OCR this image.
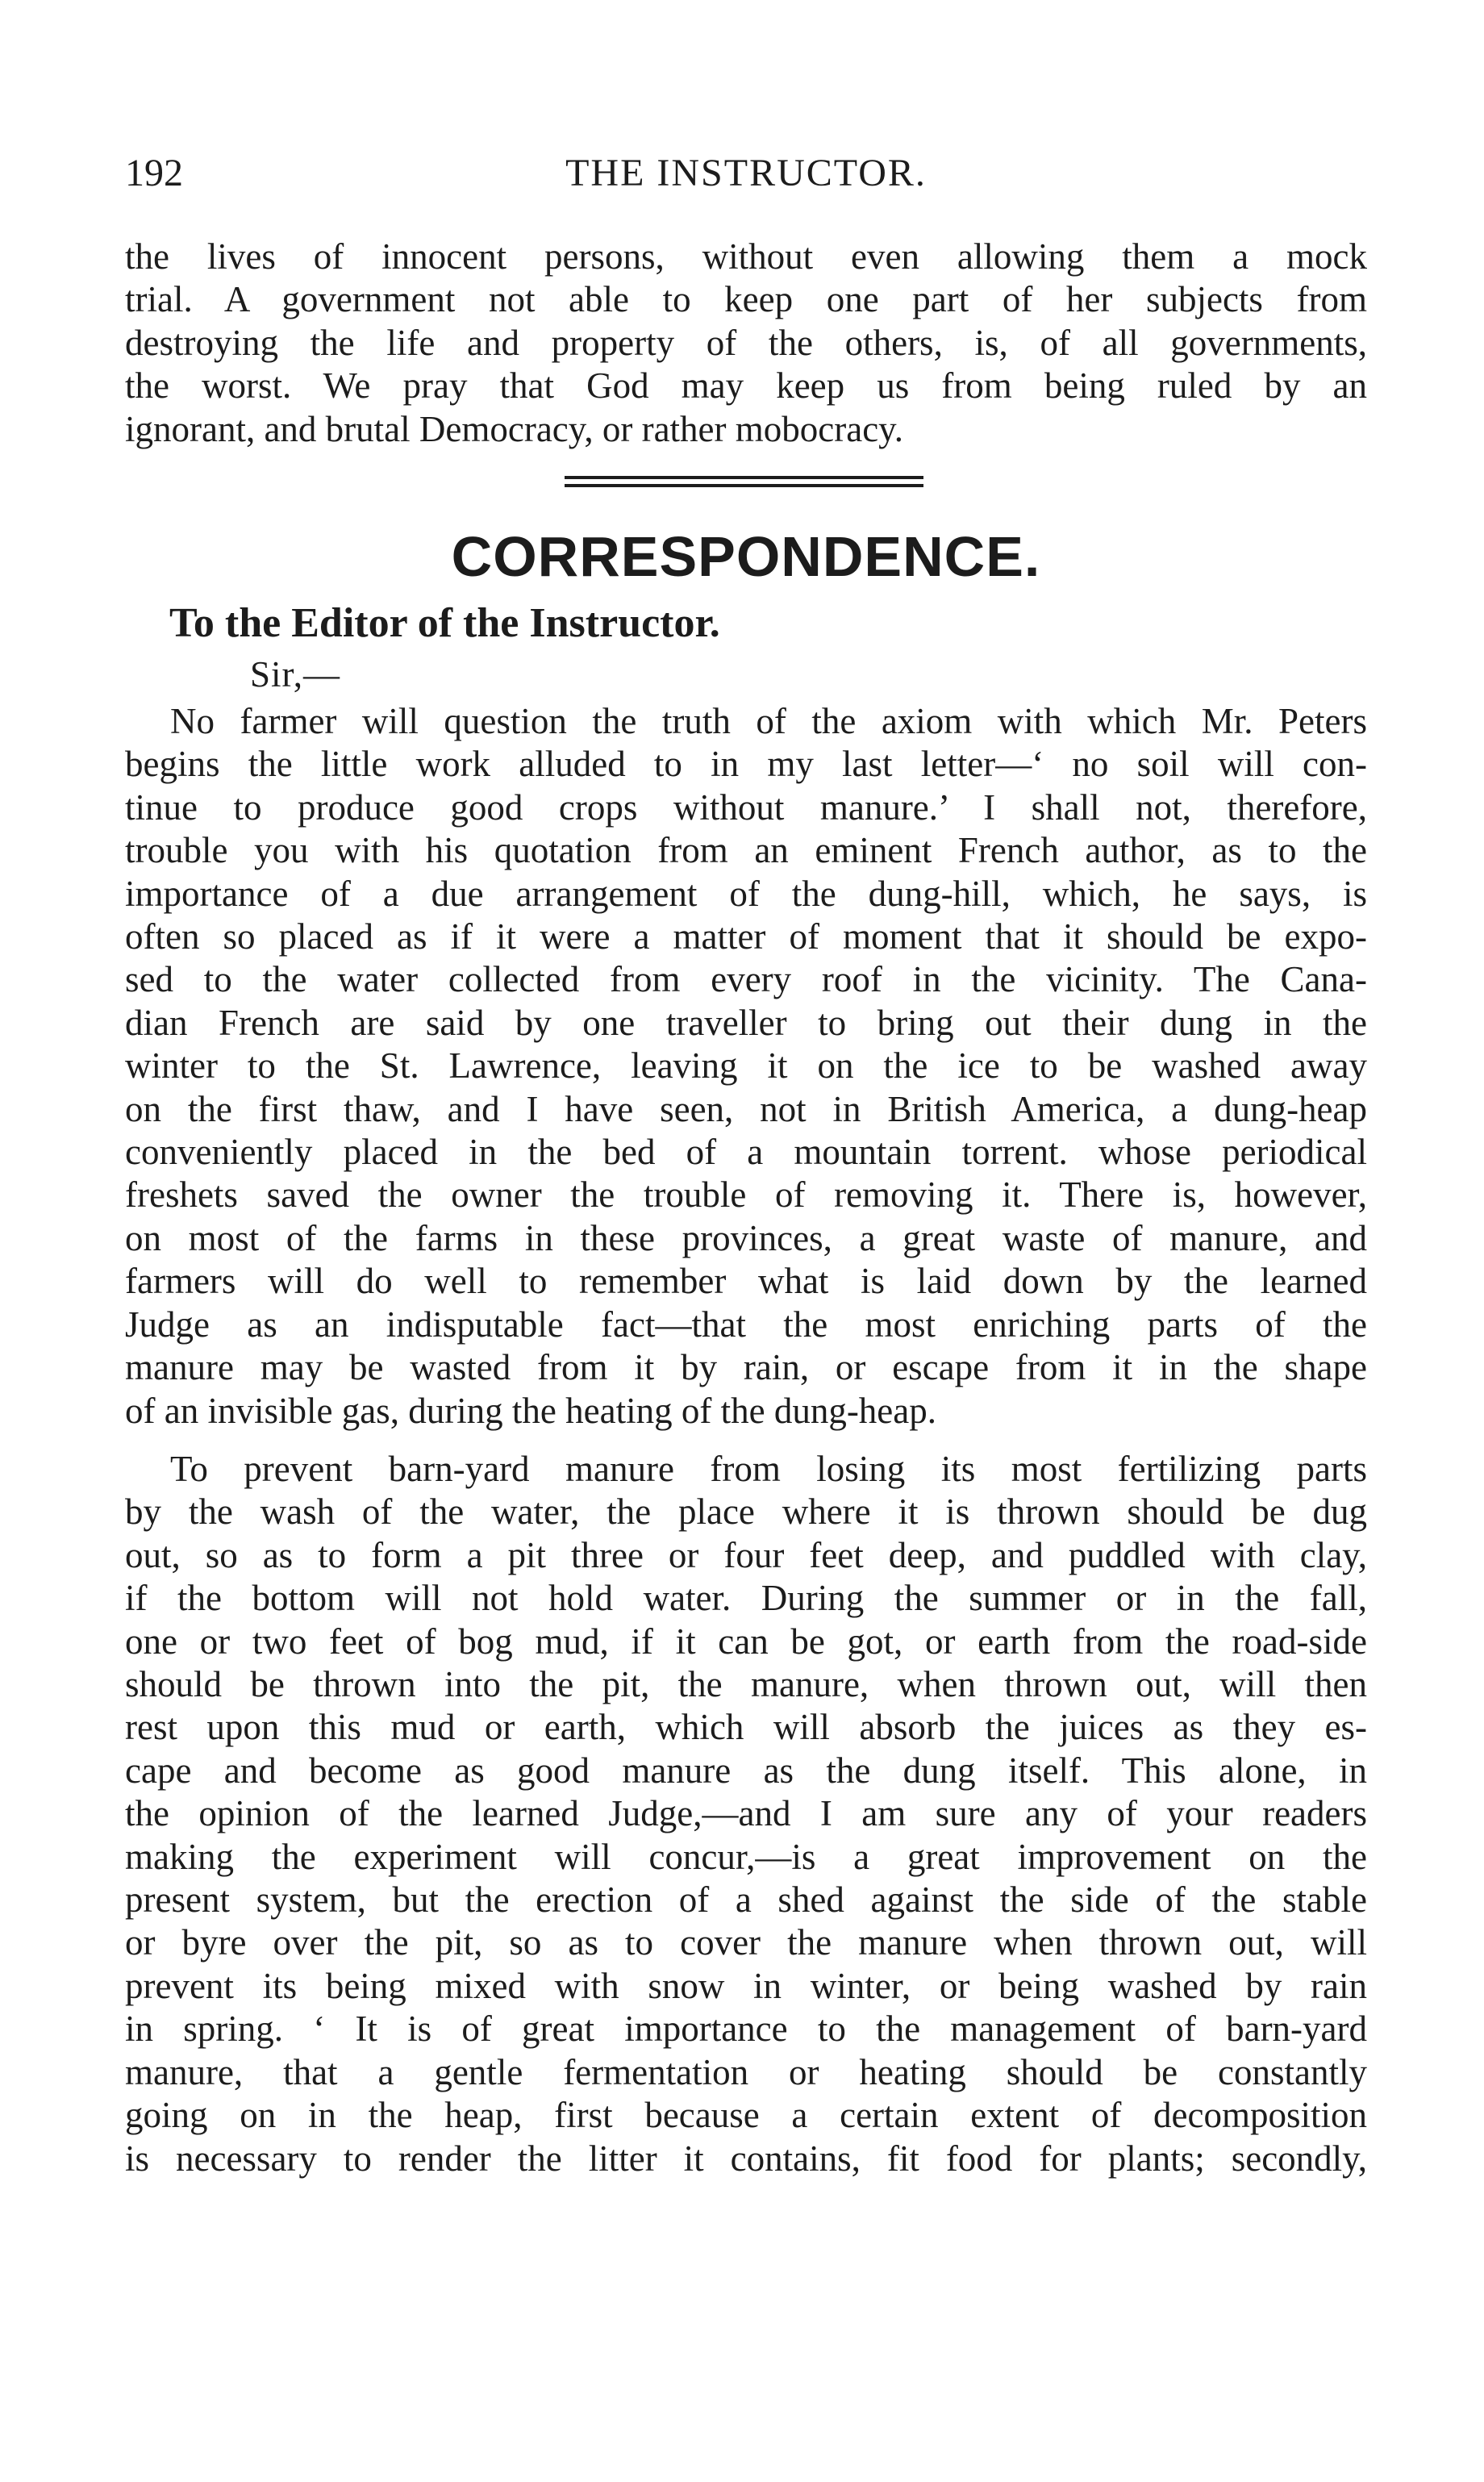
192	THE INSTRUCTOR.
the lives of innocent persons, without even allowing them a mock
trial. A government not able to keep one part of her subjects from
destroying the life and property of the others, is, of all governments,
the worst. We pray that God may keep us from being ruled by an
ignorant, and brutal Democracy, or rather mobocracy.
CORRESPONDENCE.
To the Editor of the Instructor.
Sir,—
No farmer will question the truth of the axiom with which Mr. Peters
begins the little work alluded to in my last letter—‘ no soil will con-
tinue to produce good crops without manure.’ I shall not, therefore,
trouble you with his quotation from an eminent French author, as to the
importance of a due arrangement of the dung-hill, which, he says, is
often so placed as if it were a matter of moment that it should be expo-
sed to the water collected from every roof in the vicinity. The Cana-
dian French are said by one traveller to bring out their dung in the
winter to the St. Lawrence, leaving it on the ice to be washed away
on the first thaw, and I have seen, not in British America, a dung-heap
conveniently placed in the bed of a mountain torrent. whose periodical
freshets saved the owner the trouble of removing it. There is, however,
on most of the farms in these provinces, a great waste of manure, and
farmers will do well to remember what is laid down by the learned
Judge as an indisputable fact—that the most enriching parts of the
manure may be wasted from it by rain, or escape from it in the shape
of an invisible gas, during the heating of the dung-heap.
To prevent barn-yard manure from losing its most fertilizing parts
by the wash of the water, the place where it is thrown should be dug
out, so as to form a pit three or four feet deep, and puddled with clay,
if the bottom will not hold water. During the summer or in the fall,
one or two feet of bog mud, if it can be got, or earth from the road-side
should be thrown into the pit, the manure, when thrown out, will then
rest upon this mud or earth, which will absorb the juices as they es-
cape and become as good manure as the dung itself. This alone, in
the opinion of the learned Judge,—and I am sure any of your readers
making the experiment will concur,—is a great improvement on the
present system, but the erection of a shed against the side of the stable
or byre over the pit, so as to cover the manure when thrown out, will
prevent its being mixed with snow in winter, or being washed by rain
in spring. ‘ It is of great importance to the management of barn-yard
manure, that a gentle fermentation or heating should be constantly
going on in the heap, first because a certain extent of decomposition
is necessary to render the litter it contains, fit food for plants; secondly,
